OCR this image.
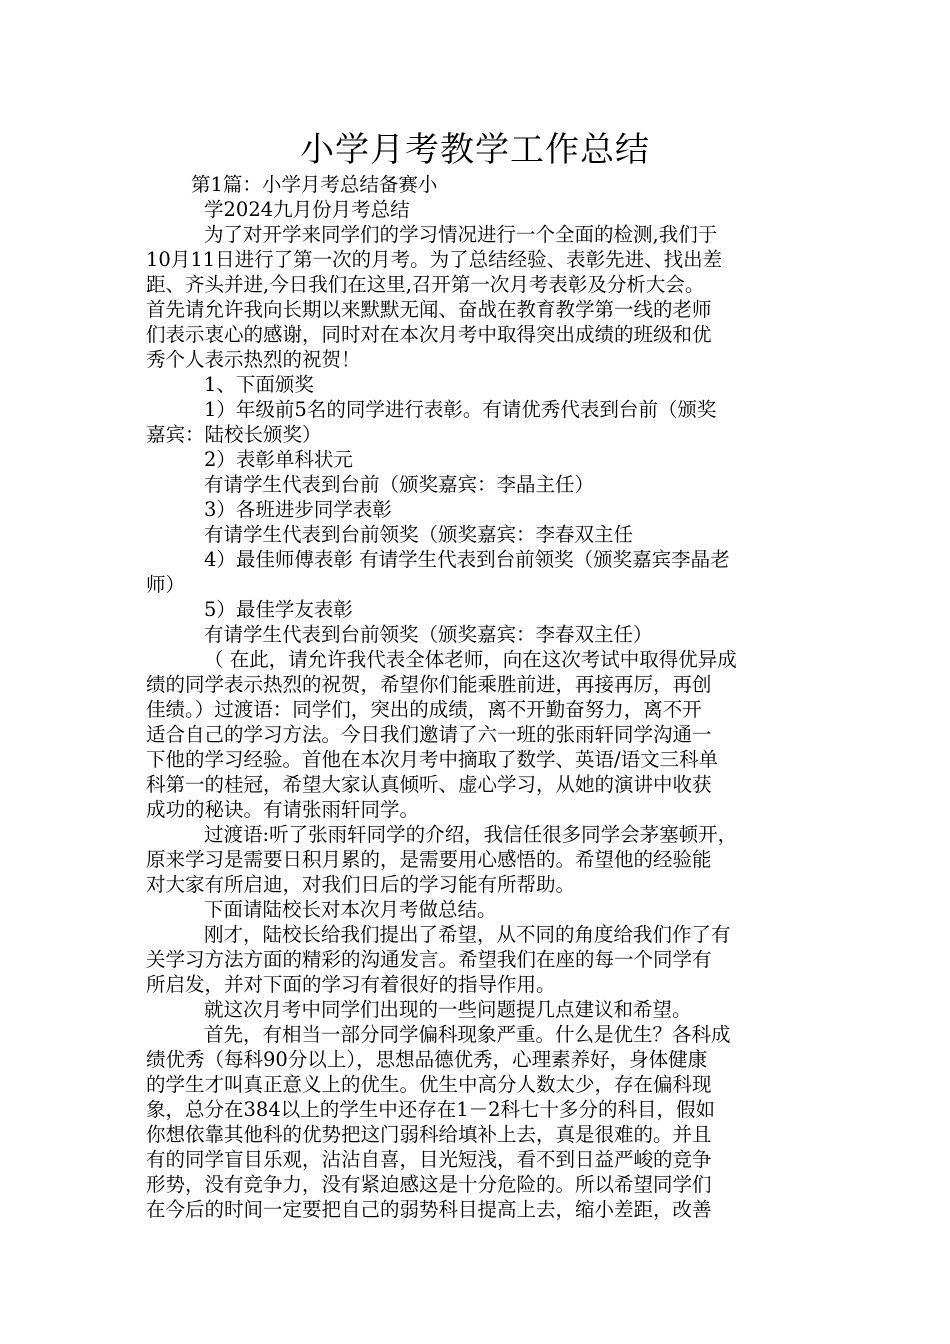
小学月考教学工作总结
第1篇：小学月考总结备赛小
学2024九月份月考总结
为了对开学来同学们的学习情况进行一个全面的检测,我们于
10月11日进行了第一次的月考。为了总结经验、表彰先进、找出差
距、齐头并进,今日我们在这里,召开第一次月考表彰及分析大会。
首先请允许我向长期以来默默无闻、奋战在教育教学第一线的老师
们表示衷心的感谢，同时对在本次月考中取得突出成绩的班级和优
秀个人表示热烈的祝贺！
1、下面颁奖
1）年级前5名的同学进行表彰。有请优秀代表到台前（颁奖
嘉宾：陆校长颁奖）
2）表彰单科状元
有请学生代表到台前（颁奖嘉宾：李晶主任）
3）各班进步同学表彰
有请学生代表到台前领奖（颁奖嘉宾：李春双主任
4）最佳师傅表彰 有请学生代表到台前领奖（颁奖嘉宾李晶老
师）
5）最佳学友表彰
有请学生代表到台前领奖（颁奖嘉宾：李春双主任）
（ 在此，请允许我代表全体老师，向在这次考试中取得优异成
绩的同学表示热烈的祝贺，希望你们能乘胜前进，再接再厉，再创
佳绩。）过渡语：同学们，突出的成绩，离不开勤奋努力，离不开
适合自己的学习方法。今日我们邀请了六一班的张雨轩同学沟通一
下他的学习经验。首他在本次月考中摘取了数学、英语/语文三科单
科第一的桂冠，希望大家认真倾听、虚心学习，从她的演讲中收获
成功的秘诀。有请张雨轩同学。
过渡语:听了张雨轩同学的介绍，我信任很多同学会茅塞顿开，
原来学习是需要日积月累的，是需要用心感悟的。希望他的经验能
对大家有所启迪，对我们日后的学习能有所帮助。
下面请陆校长对本次月考做总结。
刚才，陆校长给我们提出了希望，从不同的角度给我们作了有
关学习方法方面的精彩的沟通发言。希望我们在座的每一个同学有
所启发，并对下面的学习有着很好的指导作用。
就这次月考中同学们出现的一些问题提几点建议和希望。
首先，有相当一部分同学偏科现象严重。什么是优生？各科成
绩优秀（每科90分以上），思想品德优秀，心理素养好，身体健康
的学生才叫真正意义上的优生。优生中高分人数太少，存在偏科现
象，总分在384以上的学生中还存在1－2科七十多分的科目，假如
你想依靠其他科的优势把这门弱科给填补上去，真是很难的。并且
有的同学盲目乐观，沾沾自喜，目光短浅，看不到日益严峻的竞争
形势，没有竞争力，没有紧迫感这是十分危险的。所以希望同学们
在今后的时间一定要把自己的弱势科目提高上去，缩小差距，改善
